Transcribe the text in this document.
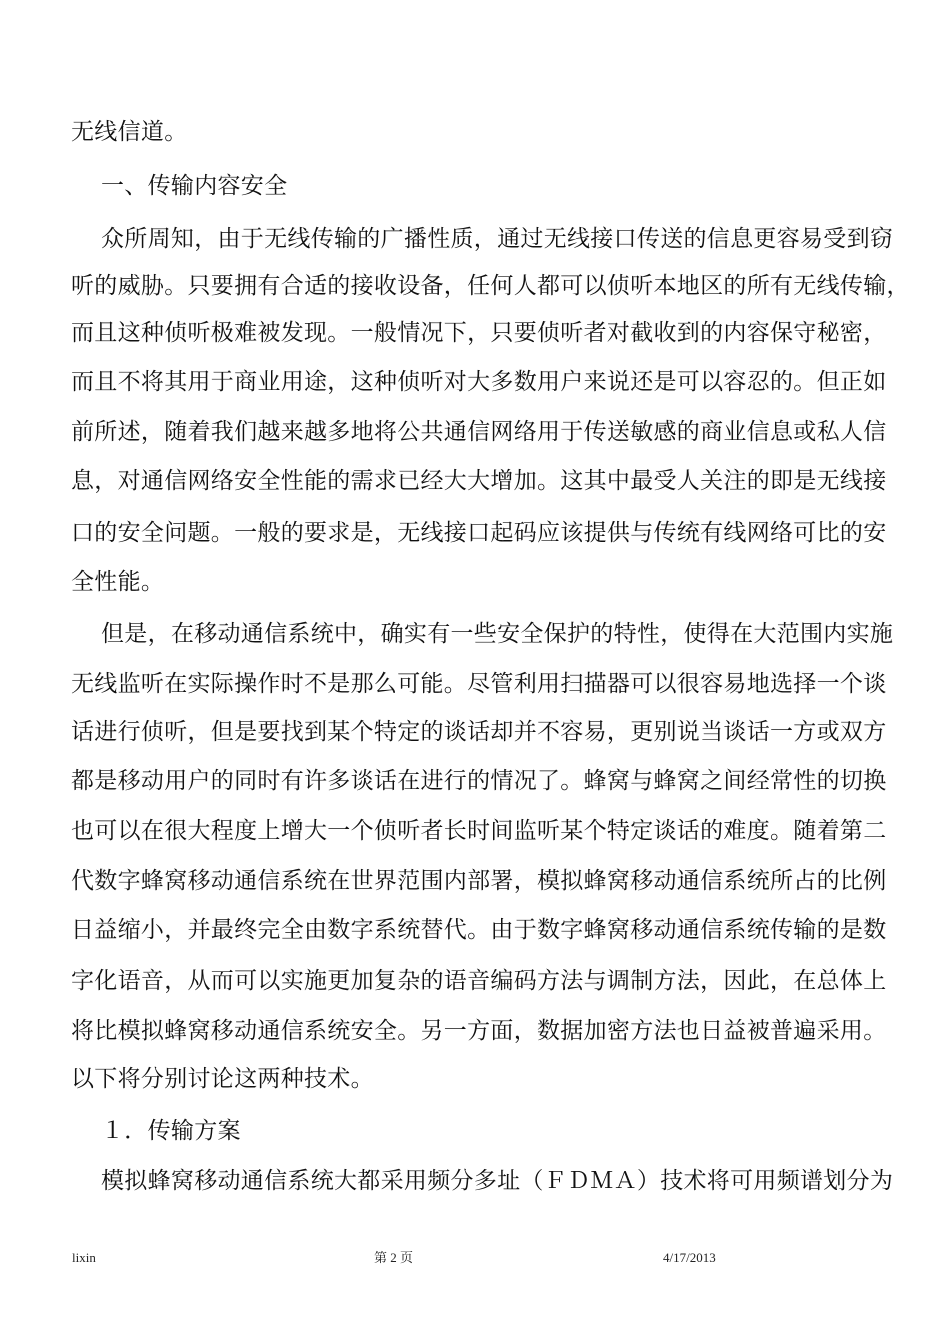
无线信道。
一、传输内容安全
众所周知，由于无线传输的广播性质，通过无线接口传送的信息更容易受到窃
听的威胁。只要拥有合适的接收设备，任何人都可以侦听本地区的所有无线传输，
而且这种侦听极难被发现。一般情况下，只要侦听者对截收到的内容保守秘密，
而且不将其用于商业用途，这种侦听对大多数用户来说还是可以容忍的。但正如
前所述，随着我们越来越多地将公共通信网络用于传送敏感的商业信息或私人信
息，对通信网络安全性能的需求已经大大增加。这其中最受人关注的即是无线接
口的安全问题。一般的要求是，无线接口起码应该提供与传统有线网络可比的安
全性能。
但是，在移动通信系统中，确实有一些安全保护的特性，使得在大范围内实施
无线监听在实际操作时不是那么可能。尽管利用扫描器可以很容易地选择一个谈
话进行侦听，但是要找到某个特定的谈话却并不容易，更别说当谈话一方或双方
都是移动用户的同时有许多谈话在进行的情况了。蜂窝与蜂窝之间经常性的切换
也可以在很大程度上增大一个侦听者长时间监听某个特定谈话的难度。随着第二
代数字蜂窝移动通信系统在世界范围内部署，模拟蜂窝移动通信系统所占的比例
日益缩小，并最终完全由数字系统替代。由于数字蜂窝移动通信系统传输的是数
字化语音，从而可以实施更加复杂的语音编码方法与调制方法，因此，在总体上
将比模拟蜂窝移动通信系统安全。另一方面，数据加密方法也日益被普遍采用。
以下将分别讨论这两种技术。
１．传输方案
模拟蜂窝移动通信系统大都采用频分多址（ＦＤＭＡ）技术将可用频谱划分为
lixin	第 2 页	4/17/2013
